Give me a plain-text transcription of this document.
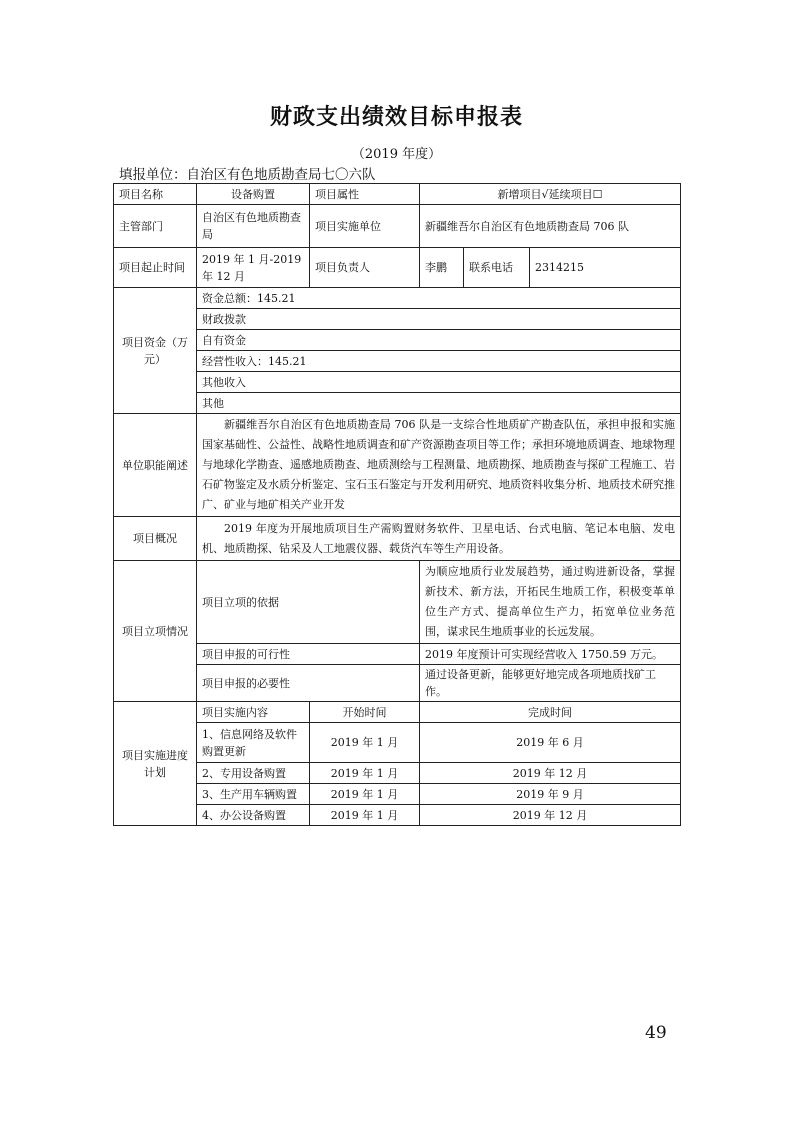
财政支出绩效目标申报表
（2019 年度）
填报单位：自治区有色地质勘查局七〇六队
项目名称	设备购置	项目属性	新增项目√延续项目☐		
主管部门	自治区有色地质勘查局	项目实施单位	新疆维吾尔自治区有色地质勘查局 706 队		
项目起止时间	2019 年 1 月-2019 年 12 月	项目负责人	李鹏	联系电话	2314215
项目资金（万元）	资金总额：145.21				
	财政拨款				
	自有资金				
	经营性收入：145.21				
	其他收入				
	其他				
单位职能阐述	新疆维吾尔自治区有色地质勘查局 706 队是一支综合性地质矿产勘查队伍，承担申报和实施国家基础性、公益性、战略性地质调查和矿产资源勘查项目等工作；承担环境地质调查、地球物理与地球化学勘查、遥感地质勘查、地质测绘与工程测量、地质勘探、地质勘查与探矿工程施工、岩石矿物鉴定及水质分析鉴定、宝石玉石鉴定与开发利用研究、地质资料收集分析、地质技术研究推广、矿业与地矿相关产业开发				
项目概况	2019 年度为开展地质项目生产需购置财务软件、卫星电话、台式电脑、笔记本电脑、发电机、地质勘探、钻采及人工地震仪器、载货汽车等生产用设备。				
项目立项情况	项目立项的依据		为顺应地质行业发展趋势，通过购进新设备，掌握新技术、新方法，开拓民生地质工作，积极变革单位生产方式、提高单位生产力，拓宽单位业务范围，谋求民生地质事业的长远发展。		
	项目申报的可行性		2019 年度预计可实现经营收入 1750.59 万元。		
	项目申报的必要性		通过设备更新，能够更好地完成各项地质找矿工作。		
项目实施进度计划	项目实施内容	开始时间	完成时间		
	1、信息网络及软件购置更新	2019 年 1 月	2019 年 6 月		
	2、专用设备购置	2019 年 1 月	2019 年 12 月		
	3、生产用车辆购置	2019 年 1 月	2019 年 9 月		
	4、办公设备购置	2019 年 1 月	2019 年 12 月		
49
